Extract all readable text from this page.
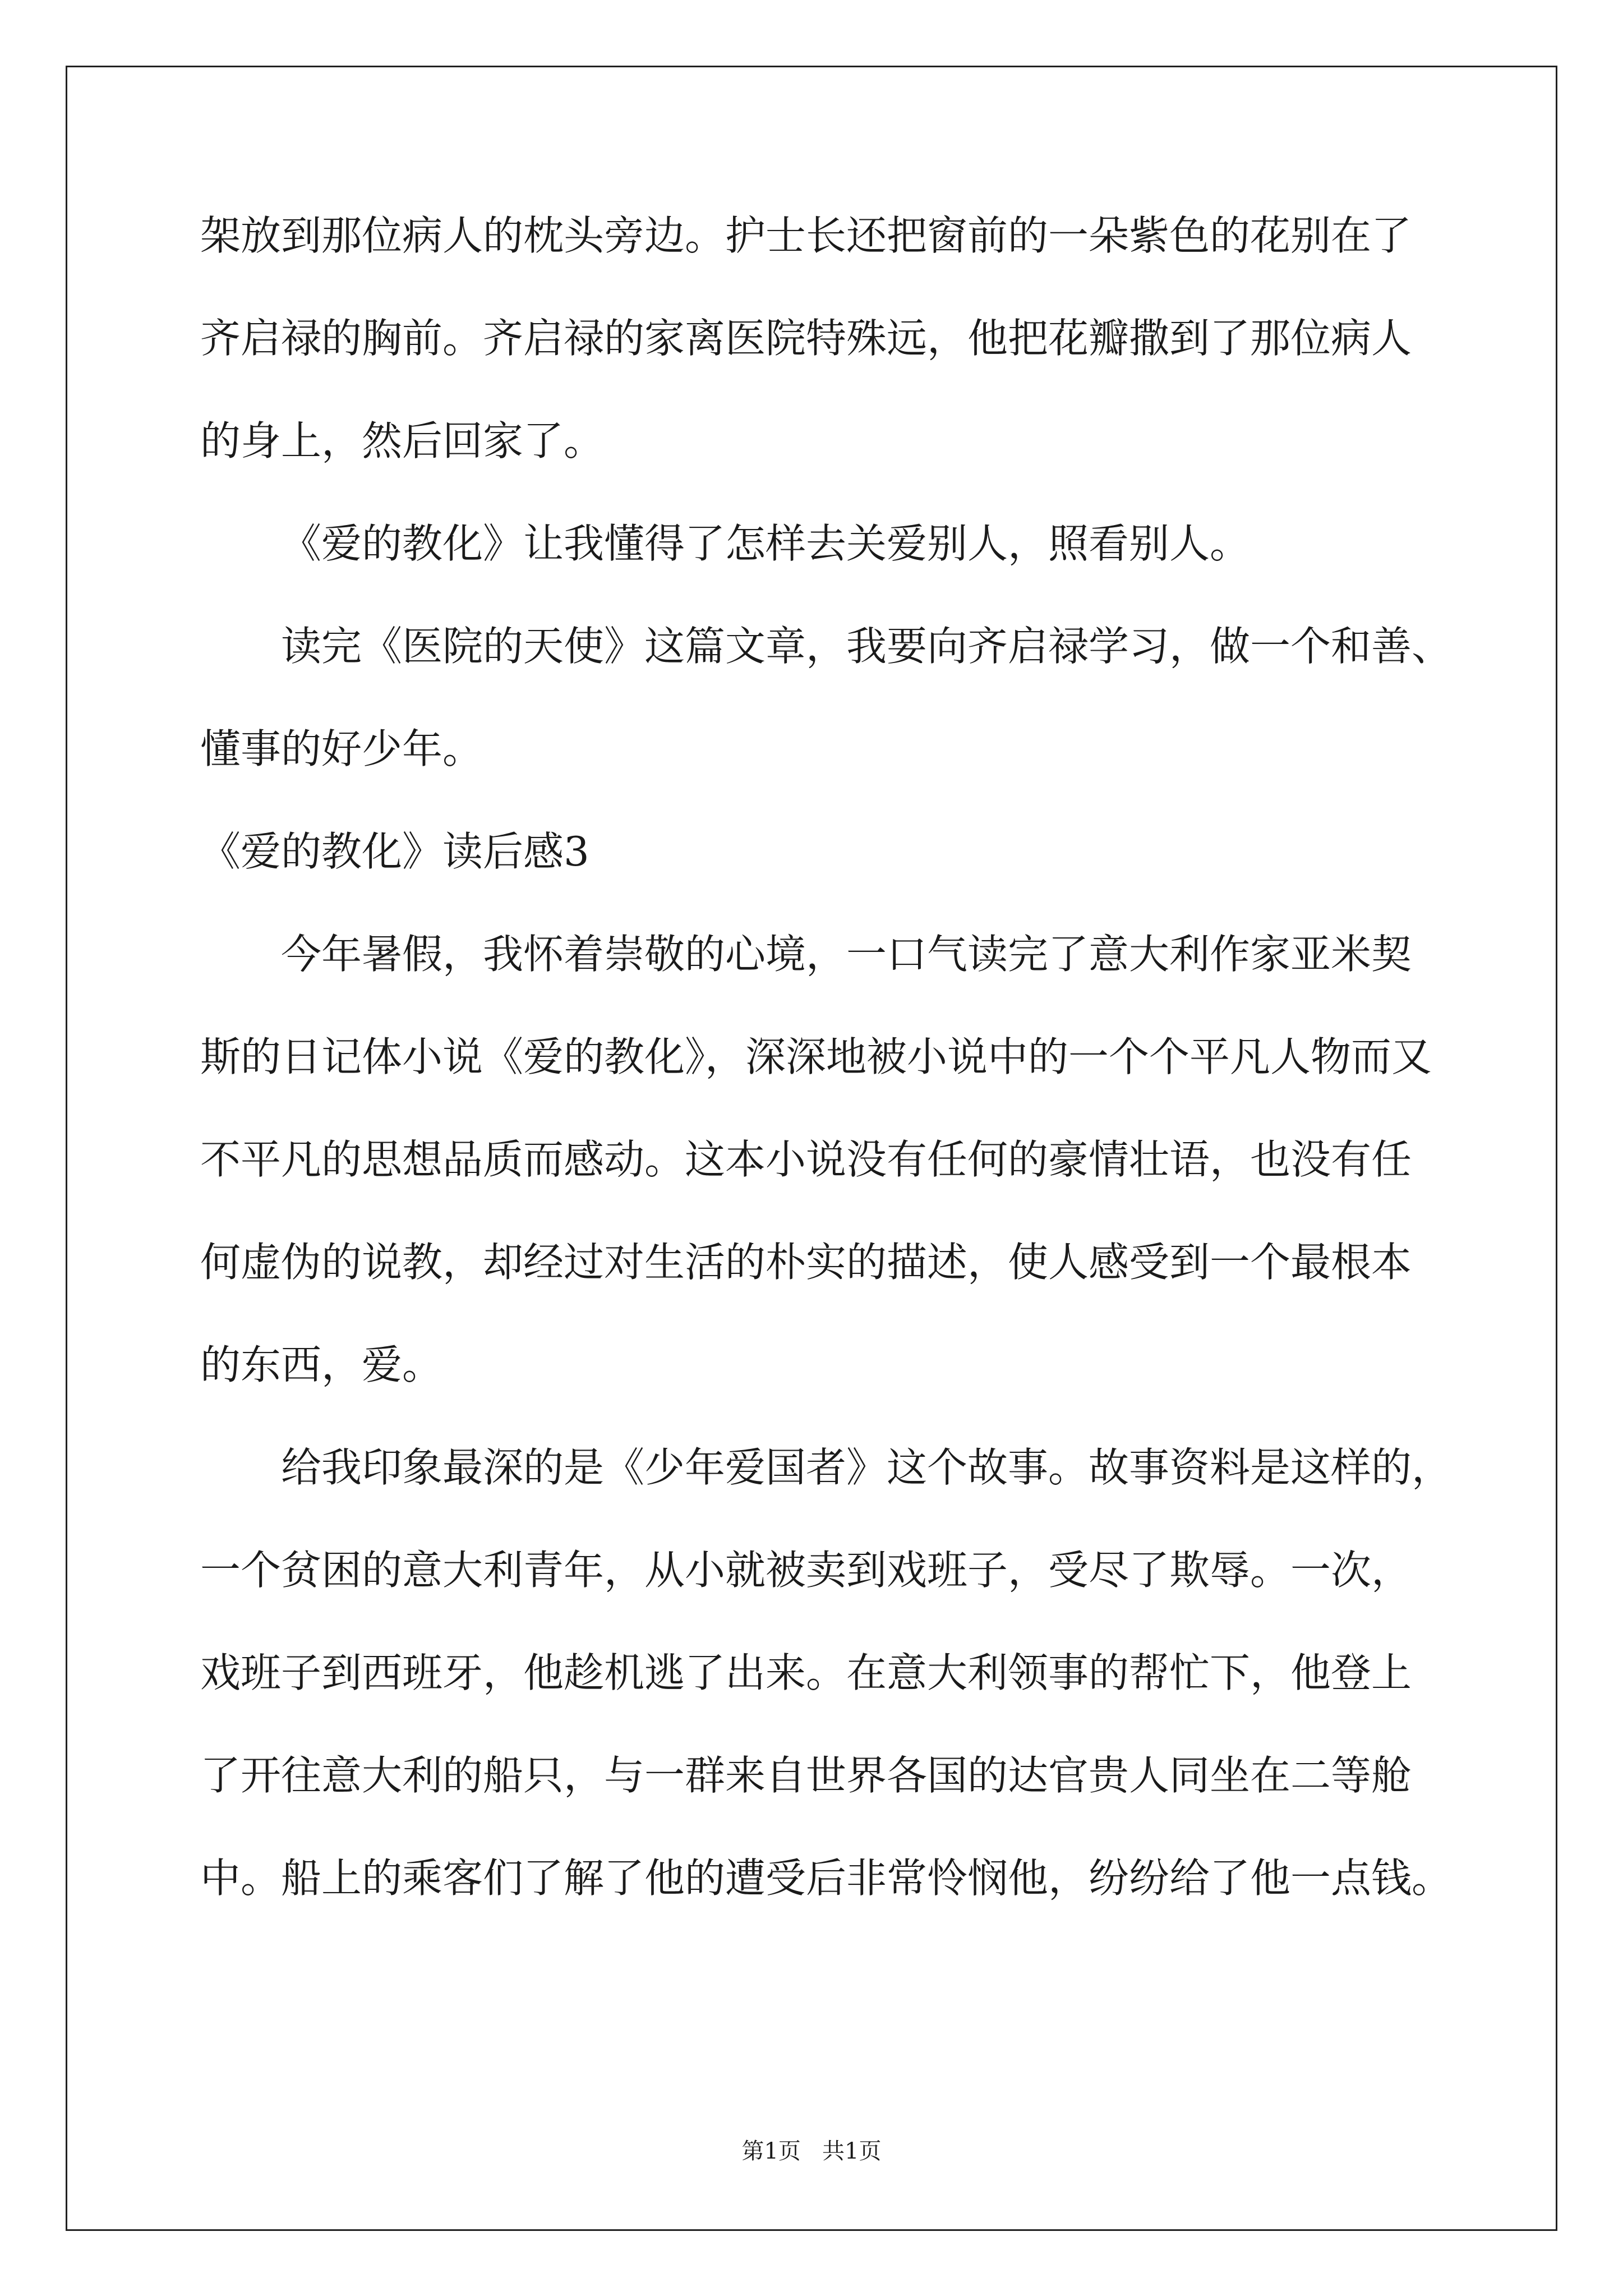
架放到那位病人的枕头旁边。护士长还把窗前的一朵紫色的花别在了
齐启禄的胸前。齐启禄的家离医院特殊远，他把花瓣撒到了那位病人
的身上，然后回家了。
《爱的教化》让我懂得了怎样去关爱别人，照看别人。
读完《医院的天使》这篇文章，我要向齐启禄学习，做一个和善、
懂事的好少年。
《爱的教化》读后感3
今年暑假，我怀着崇敬的心境，一口气读完了意大利作家亚米契
斯的日记体小说《爱的教化》，深深地被小说中的一个个平凡人物而又
不平凡的思想品质而感动。这本小说没有任何的豪情壮语，也没有任
何虚伪的说教，却经过对生活的朴实的描述，使人感受到一个最根本
的东西，爱。
给我印象最深的是《少年爱国者》这个故事。故事资料是这样的，
一个贫困的意大利青年，从小就被卖到戏班子，受尽了欺辱。一次，
戏班子到西班牙，他趁机逃了出来。在意大利领事的帮忙下，他登上
了开往意大利的船只，与一群来自世界各国的达官贵人同坐在二等舱
中。船上的乘客们了解了他的遭受后非常怜悯他，纷纷给了他一点钱。
第1页   共1页
